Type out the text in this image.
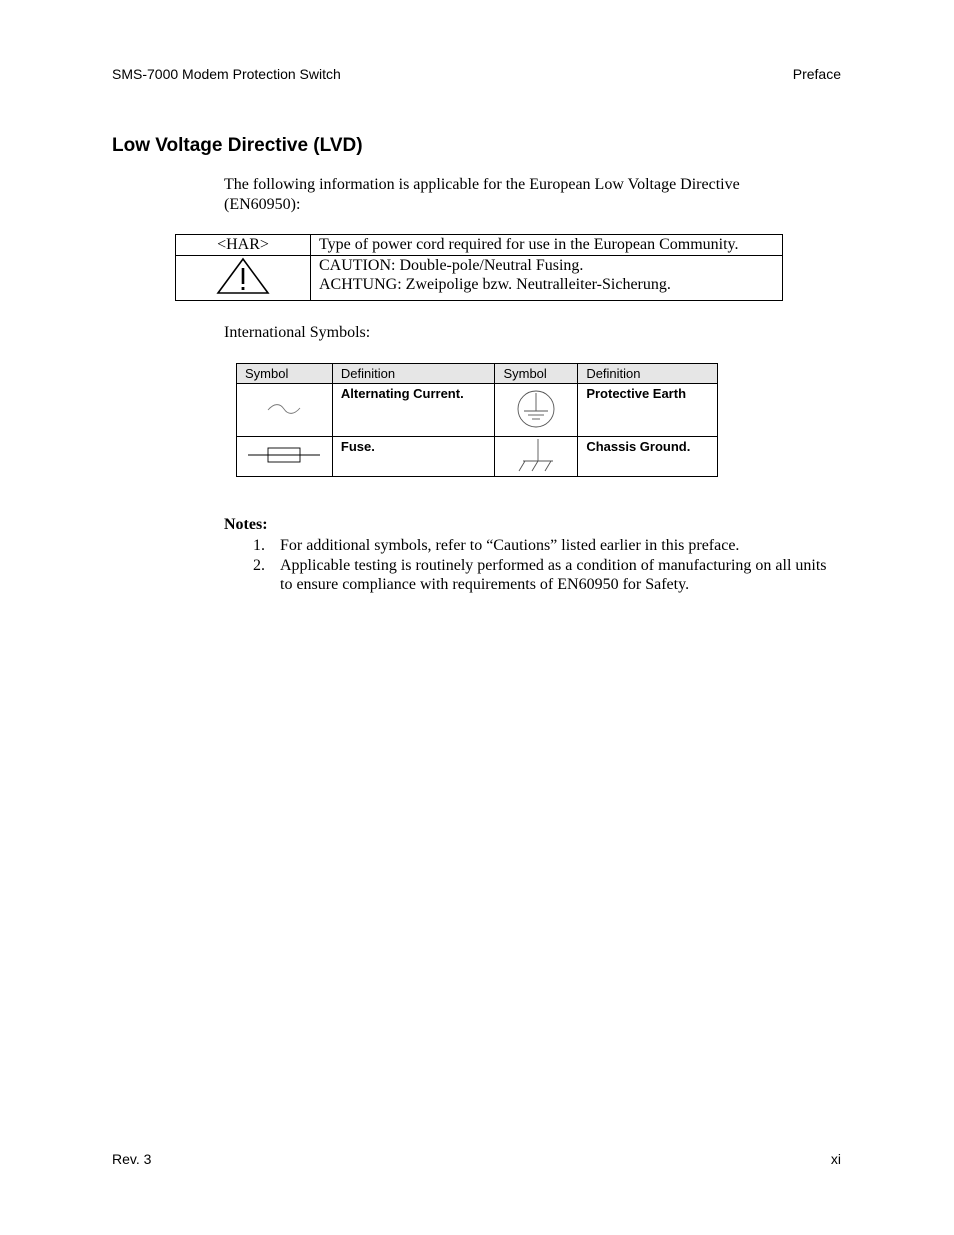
SMS-7000 Modem Protection Switch	Preface
Low Voltage Directive (LVD)
The following information is applicable for the European Low Voltage Directive (EN60950):
<HAR>	Type of power cord required for use in the European Community.

CAUTION: Double-pole/Neutral Fusing.
ACHTUNG: Zweipolige bzw. Neutralleiter-Sicherung.
International Symbols:
Symbol	Definition	Symbol	Definition
	Alternating Current.		Protective Earth
	Fuse.		Chassis Ground.
Notes:
1. For additional symbols, refer to “Cautions” listed earlier in this preface.
2. Applicable testing is routinely performed as a condition of manufacturing on all units to ensure compliance with requirements of EN60950 for Safety.
Rev. 3	xi
